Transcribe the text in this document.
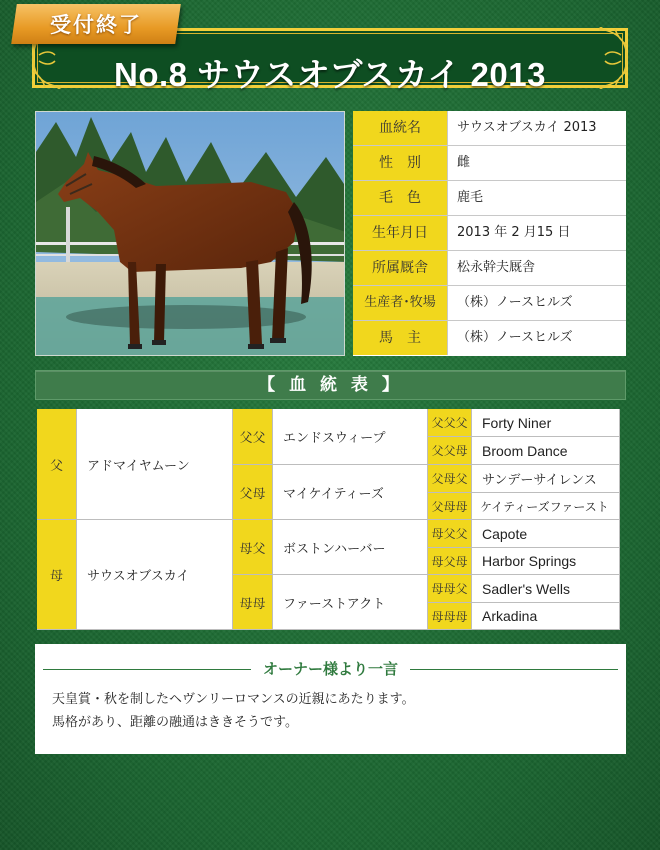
No.8 サウスオブスカイ 2013
受付終了
血統名	サウスオブスカイ 2013
性　別	雌
毛　色	鹿毛
生年月日	2013 年 2 月15 日
所属厩舎	松永幹夫厩舎
生産者･牧場	（株）ノースヒルズ
馬　主	（株）ノースヒルズ
【 血 統 表 】
父	アドマイヤムーン
母	サウスオブスカイ
父父	エンドスウィープ
父母	マイケイティーズ
母父	ボストンハーバー
母母	ファーストアクト
父父父	Forty Niner
父父母	Broom Dance
父母父	サンデーサイレンス
父母母	ケイティーズファースト
母父父	Capote
母父母	Harbor Springs
母母父	Sadler's Wells
母母母	Arkadina
オーナー様より一言
天皇賞・秋を制したヘヴンリーロマンスの近親にあたります。
馬格があり、距離の融通はききそうです。
